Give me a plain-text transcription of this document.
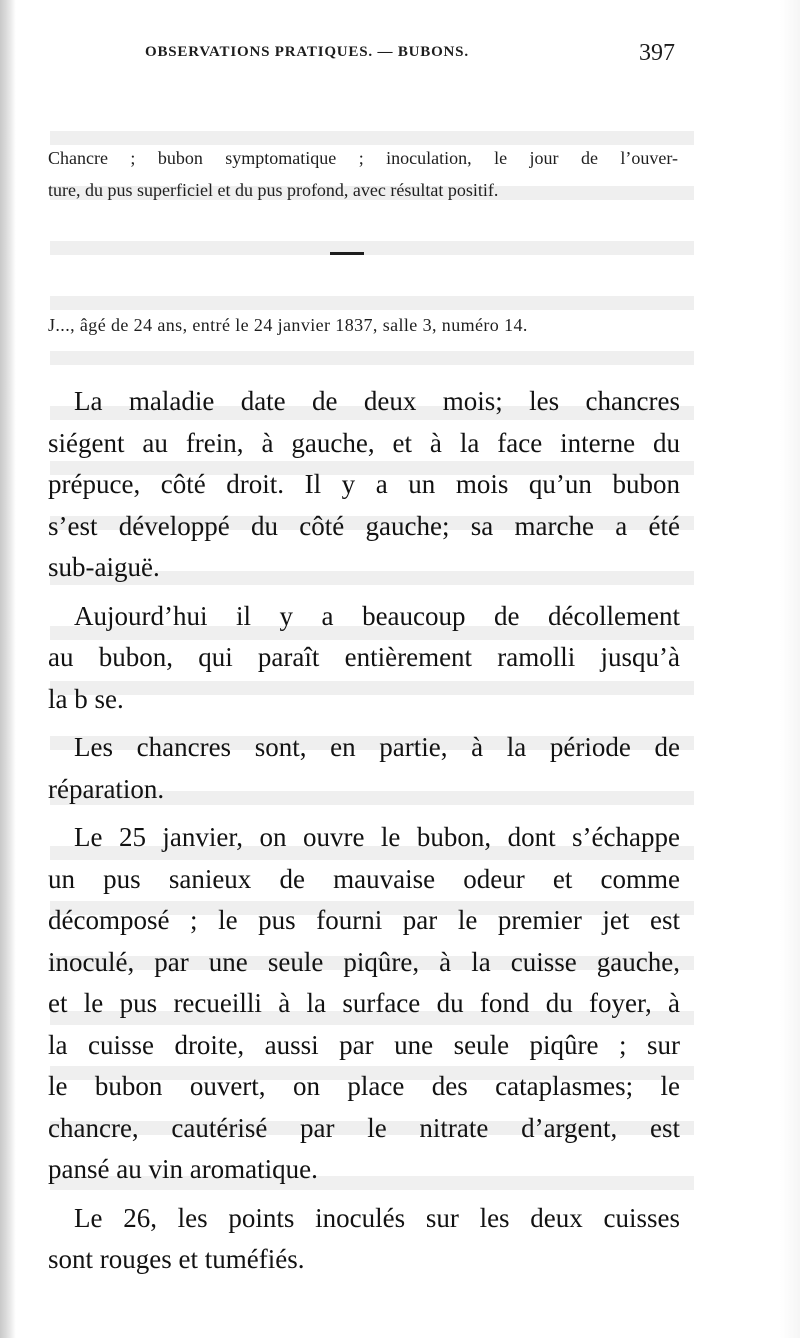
OBSERVATIONS PRATIQUES. — BUBONS.	397
Chancre ; bubon symptomatique ; inoculation, le jour de l’ouver-
ture, du pus superficiel et du pus profond, avec résultat positif.
J..., âgé de 24 ans, entré le 24 janvier 1837, salle 3, numéro 14.
La maladie date de deux mois; les chancres
siégent au frein, à gauche, et à la face interne du
prépuce, côté droit. Il y a un mois qu’un bubon
s’est développé du côté gauche; sa marche a été
sub-aiguë.
Aujourd’hui il y a beaucoup de décollement
au bubon, qui paraît entièrement ramolli jusqu’à
la b se.
Les chancres sont, en partie, à la période de
réparation.
Le 25 janvier, on ouvre le bubon, dont s’échappe
un pus sanieux de mauvaise odeur et comme
décomposé ; le pus fourni par le premier jet est
inoculé, par une seule piqûre, à la cuisse gauche,
et le pus recueilli à la surface du fond du foyer, à
la cuisse droite, aussi par une seule piqûre ; sur
le bubon ouvert, on place des cataplasmes; le
chancre, cautérisé par le nitrate d’argent, est
pansé au vin aromatique.
Le 26, les points inoculés sur les deux cuisses
sont rouges et tuméfiés.
